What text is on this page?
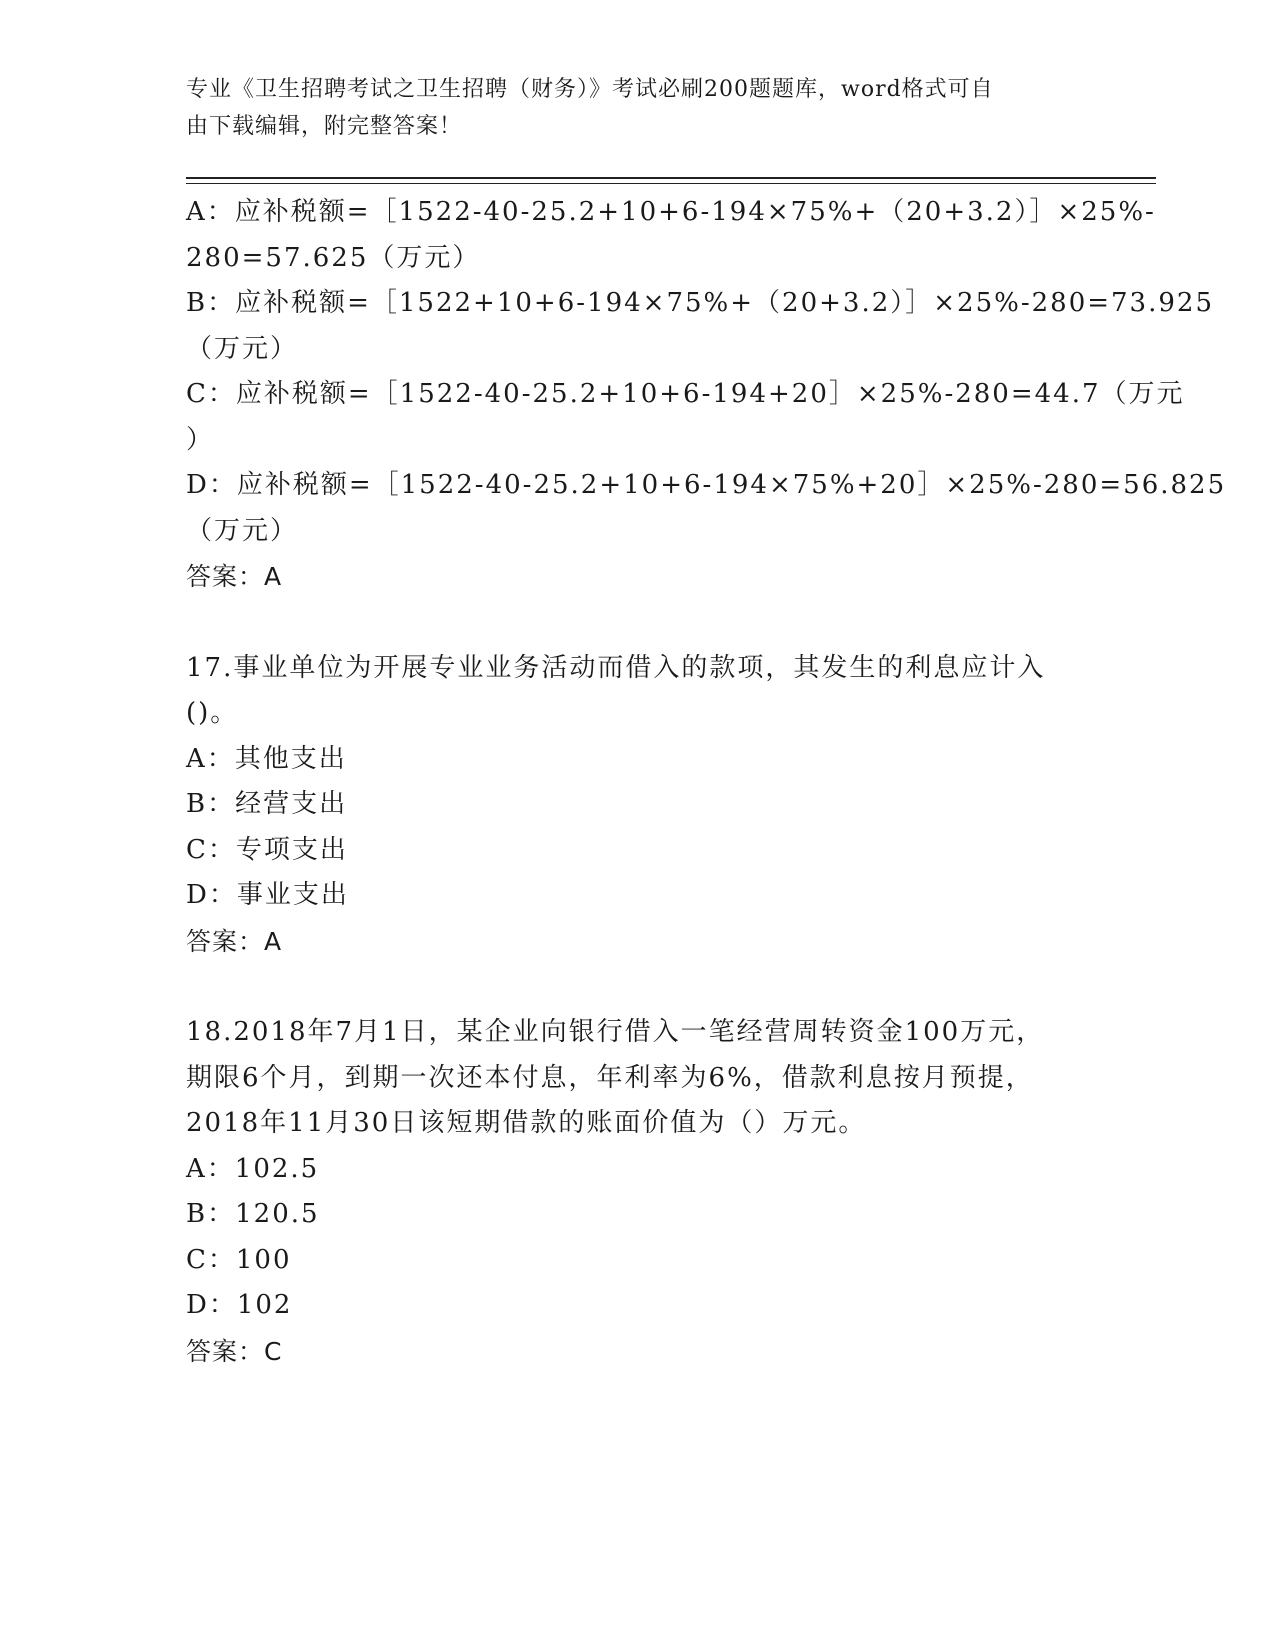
专业《卫生招聘考试之卫生招聘（财务）》考试必刷200题题库，word格式可自
由下载编辑，附完整答案！
A：应补税额=［1522-40-25.2+10+6-194×75%+（20+3.2）］×25%-
280=57.625（万元）
B：应补税额=［1522+10+6-194×75%+（20+3.2）］×25%-280=73.925
（万元）
C：应补税额=［1522-40-25.2+10+6-194+20］×25%-280=44.7（万元
）
D：应补税额=［1522-40-25.2+10+6-194×75%+20］×25%-280=56.825
（万元）
答案：A
17.事业单位为开展专业业务活动而借入的款项，其发生的利息应计入
()。
A：其他支出
B：经营支出
C：专项支出
D：事业支出
答案：A
18.2018年7月1日，某企业向银行借入一笔经营周转资金100万元，
期限6个月，到期一次还本付息，年利率为6%，借款利息按月预提，
2018年11月30日该短期借款的账面价值为（）万元。
A：102.5
B：120.5
C：100
D：102
答案：C
